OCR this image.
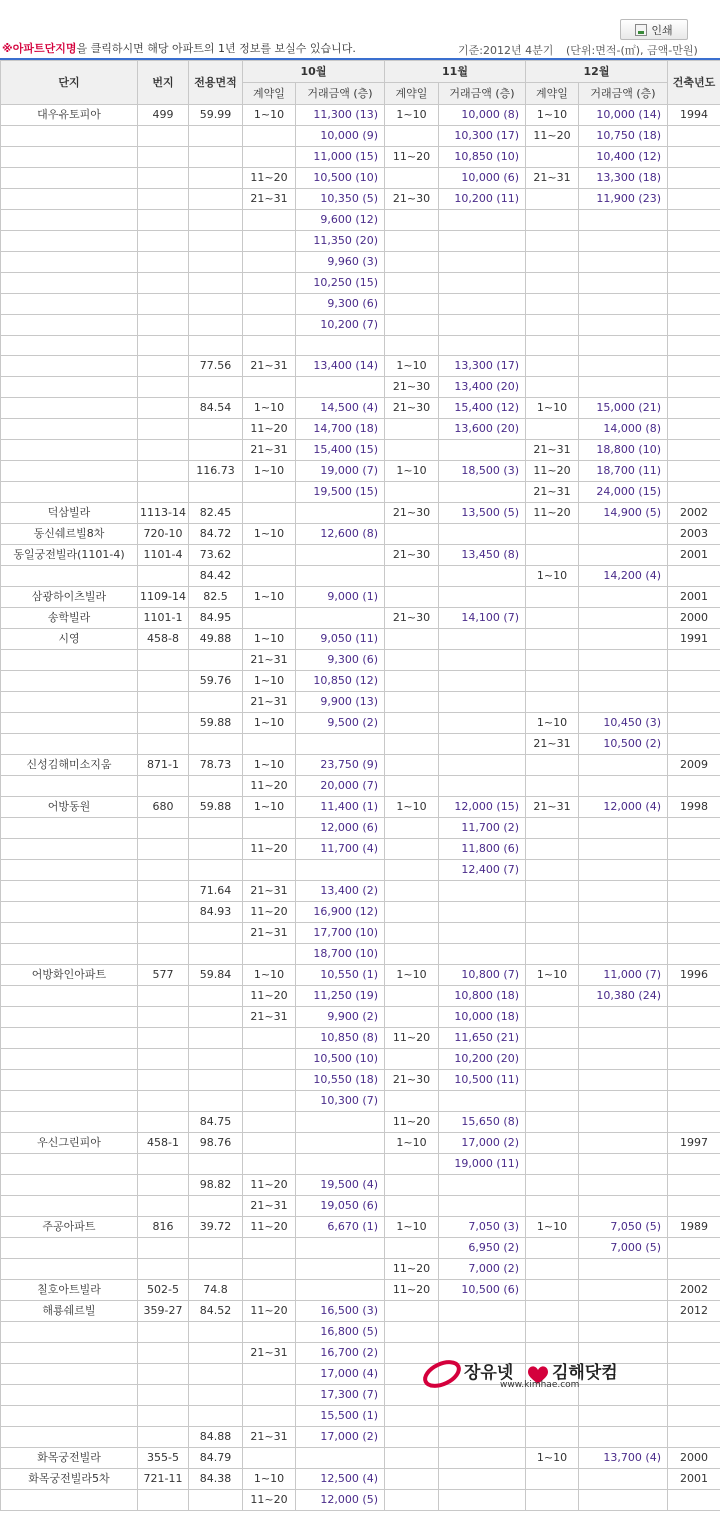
인쇄
※아파트단지명을 클릭하시면 해당 아파트의 1년 정보를 보실수 있습니다.	기준:2012년 4분기 (단위:면적-(㎡), 금액-만원)
단지	번지	전용면적	10월		11월		12월		건축년도
			계약일	거래금액 (층)	계약일	거래금액 (층)	계약일	거래금액 (층)	
대우유토피아	499	59.99	1~10	11,300 (13)	1~10	10,000 (8)	1~10	10,000 (14)	1994
				10,000 (9)		10,300 (17)	11~20	10,750 (18)	
				11,000 (15)	11~20	10,850 (10)		10,400 (12)	
			11~20	10,500 (10)		10,000 (6)	21~31	13,300 (18)	
			21~31	10,350 (5)	21~30	10,200 (11)		11,900 (23)	
				9,600 (12)					
				11,350 (20)					
				9,960 (3)					
				10,250 (15)					
				9,300 (6)					
				10,200 (7)					

		77.56	21~31	13,400 (14)	1~10	13,300 (17)			
					21~30	13,400 (20)			
		84.54	1~10	14,500 (4)	21~30	15,400 (12)	1~10	15,000 (21)	
			11~20	14,700 (18)		13,600 (20)		14,000 (8)	
			21~31	15,400 (15)			21~31	18,800 (10)	
		116.73	1~10	19,000 (7)	1~10	18,500 (3)	11~20	18,700 (11)	
				19,500 (15)			21~31	24,000 (15)	
덕삼빌라	1113-14	82.45			21~30	13,500 (5)	11~20	14,900 (5)	2002
동신쉐르빌8차	720-10	84.72	1~10	12,600 (8)					2003
동일궁전빌라(1101-4)	1101-4	73.62			21~30	13,450 (8)			2001
		84.42					1~10	14,200 (4)	
삼광하이츠빌라	1109-14	82.5	1~10	9,000 (1)					2001
송학빌라	1101-1	84.95			21~30	14,100 (7)			2000
시영	458-8	49.88	1~10	9,050 (11)					1991
			21~31	9,300 (6)					
		59.76	1~10	10,850 (12)					
			21~31	9,900 (13)					
		59.88	1~10	9,500 (2)			1~10	10,450 (3)	
							21~31	10,500 (2)	
신성김해미소지움	871-1	78.73	1~10	23,750 (9)					2009
			11~20	20,000 (7)					
어방동원	680	59.88	1~10	11,400 (1)	1~10	12,000 (15)	21~31	12,000 (4)	1998
				12,000 (6)		11,700 (2)			
			11~20	11,700 (4)		11,800 (6)			
						12,400 (7)			
		71.64	21~31	13,400 (2)					
		84.93	11~20	16,900 (12)					
			21~31	17,700 (10)					
				18,700 (10)					
어방화인아파트	577	59.84	1~10	10,550 (1)	1~10	10,800 (7)	1~10	11,000 (7)	1996
			11~20	11,250 (19)		10,800 (18)		10,380 (24)	
			21~31	9,900 (2)		10,000 (18)			
				10,850 (8)	11~20	11,650 (21)			
				10,500 (10)		10,200 (20)			
				10,550 (18)	21~30	10,500 (11)			
				10,300 (7)					
		84.75			11~20	15,650 (8)			
우신그린피아	458-1	98.76			1~10	17,000 (2)			1997
						19,000 (11)			
		98.82	11~20	19,500 (4)					
			21~31	19,050 (6)					
주공아파트	816	39.72	11~20	6,670 (1)	1~10	7,050 (3)	1~10	7,050 (5)	1989
						6,950 (2)		7,000 (5)	
					11~20	7,000 (2)			
칠호아트빌라	502-5	74.8			11~20	10,500 (6)			2002
해룡쉐르빌	359-27	84.52	11~20	16,500 (3)					2012
				16,800 (5)					
			21~31	16,700 (2)					
				17,000 (4)					
				17,300 (7)					
				15,500 (1)					
		84.88	21~31	17,000 (2)					
화목궁전빌라	355-5	84.79					1~10	13,700 (4)	2000
화목궁전빌라5차	721-11	84.38	1~10	12,500 (4)					2001
			11~20	12,000 (5)					
장유넷 김해닷컴
www.kimhae.com
